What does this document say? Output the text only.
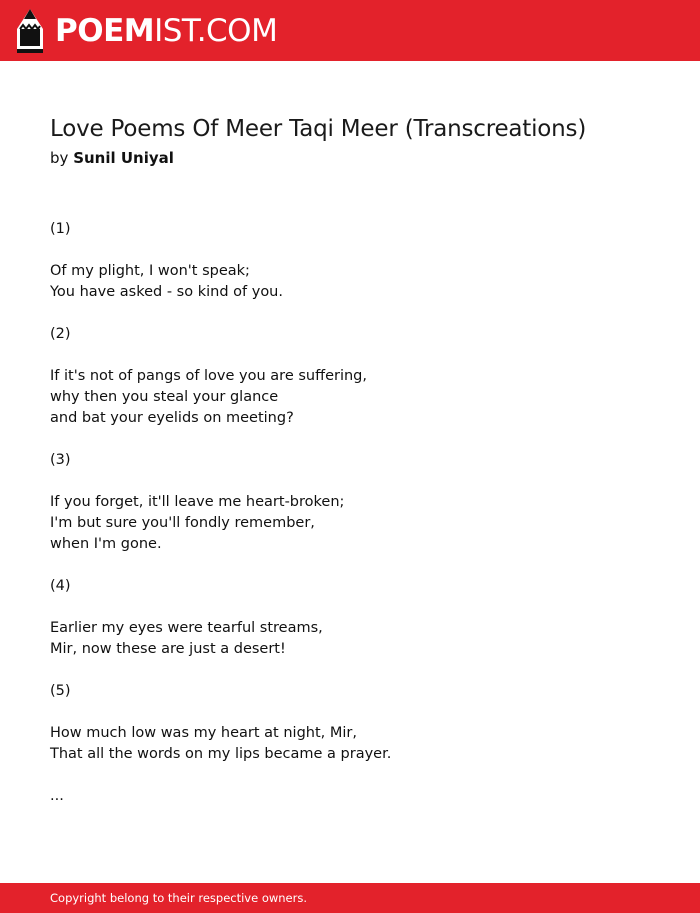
POEMIST.COM
Love Poems Of Meer Taqi Meer (Transcreations)
by Sunil Uniyal
(1)
Of my plight, I won't speak;
You have asked - so kind of you.
(2)
If it's not of pangs of love you are suffering,
why then you steal your glance
and bat your eyelids on meeting?
(3)
If you forget, it'll leave me heart-broken;
I'm but sure you'll fondly remember,
when I'm gone.
(4)
Earlier my eyes were tearful streams,
Mir, now these are just a desert!
(5)
How much low was my heart at night, Mir,
That all the words on my lips became a prayer.
...
Copyright belong to their respective owners.
